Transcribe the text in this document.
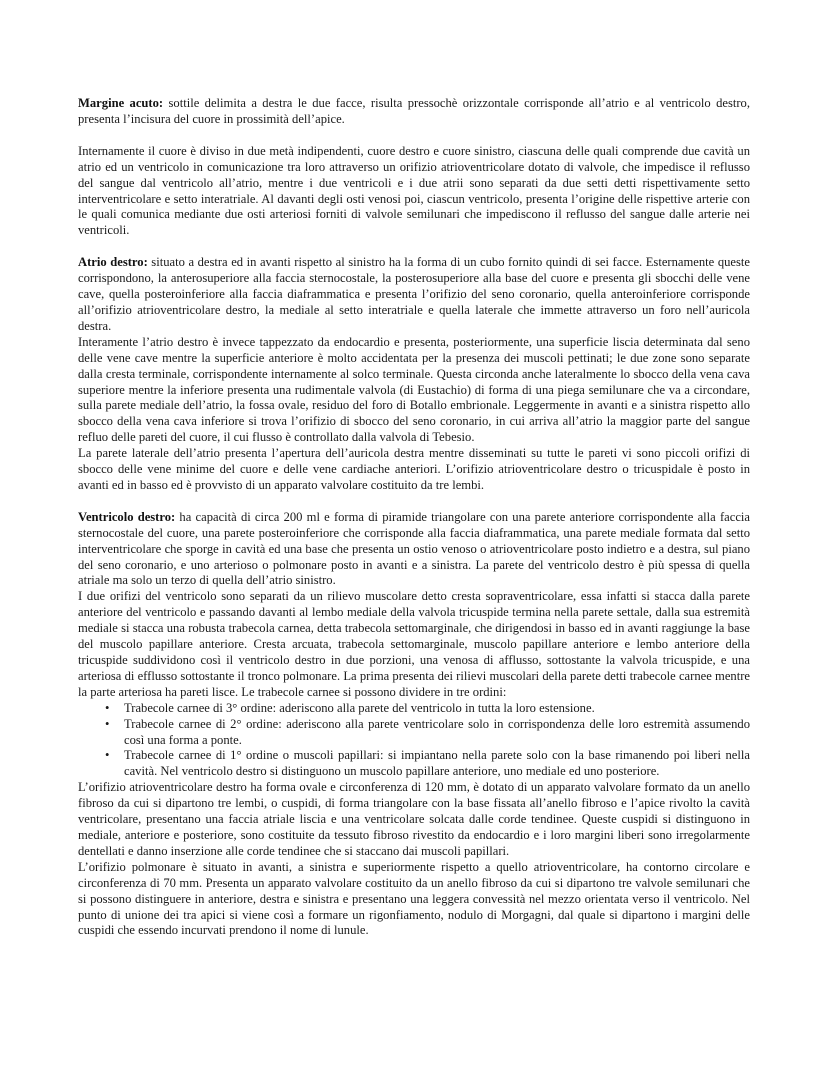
Margine acuto: sottile delimita a destra le due facce, risulta pressochè orizzontale corrisponde all’atrio e al ventricolo destro, presenta l’incisura del cuore in prossimità dell’apice.

Internamente il cuore è diviso in due metà indipendenti, cuore destro e cuore sinistro, ciascuna delle quali comprende due cavità un atrio ed un ventricolo in comunicazione tra loro attraverso un orifizio atrioventricolare dotato di valvole, che impedisce il reflusso del sangue dal ventricolo all’atrio, mentre i due ventricoli e i due atrii sono separati da due setti detti rispettivamente setto interventricolare e setto interatriale. Al davanti degli osti venosi poi, ciascun ventricolo, presenta l’origine delle rispettive arterie con le quali comunica mediante due osti arteriosi forniti di valvole semilunari che impediscono il reflusso del sangue dalle arterie nei ventricoli.

Atrio destro: situato a destra ed in avanti rispetto al sinistro ha la forma di un cubo fornito quindi di sei facce. Esternamente queste corrispondono, la anterosuperiore alla faccia sternocostale, la posterosuperiore alla base del cuore e presenta gli sbocchi delle vene cave, quella posteroinferiore alla faccia diaframmatica e presenta l’orifizio del seno coronario, quella anteroinferiore corrisponde all’orifizio atrioventricolare destro, la mediale al setto interatriale e quella laterale che immette attraverso un foro nell’auricola destra.

Interamente l’atrio destro è invece tappezzato da endocardio e presenta, posteriormente, una superficie liscia determinata dal seno delle vene cave mentre la superficie anteriore è molto accidentata per la presenza dei muscoli pettinati; le due zone sono separate dalla cresta terminale, corrispondente internamente al solco terminale. Questa circonda anche lateralmente lo sbocco della vena cava superiore mentre la inferiore presenta una rudimentale valvola (di Eustachio) di forma di una piega semilunare che va a circondare, sulla parete mediale dell’atrio, la fossa ovale, residuo del foro di Botallo embrionale. Leggermente in avanti e a sinistra rispetto allo sbocco della vena cava inferiore si trova l’orifizio di sbocco del seno coronario, in cui arriva all’atrio la maggior parte del sangue refluo delle pareti del cuore, il cui flusso è controllato dalla valvola di Tebesio.

La parete laterale dell’atrio presenta l’apertura dell’auricola destra mentre disseminati su tutte le pareti vi sono piccoli orifizi di sbocco delle vene minime del cuore e delle vene cardiache anteriori. L’orifizio atrioventricolare destro o tricuspidale è posto in avanti ed in basso ed è provvisto di un apparato valvolare costituito da tre lembi.

Ventricolo destro: ha capacità di circa 200 ml e forma di piramide triangolare con una parete anteriore corrispondente alla faccia sternocostale del cuore, una parete posteroinferiore che corrisponde alla faccia diaframmatica, una parete mediale formata dal setto interventricolare che sporge in cavità ed una base che presenta un ostio venoso o atrioventricolare posto indietro e a destra, sul piano del seno coronario, e uno arterioso o polmonare posto in avanti e a sinistra. La parete del ventricolo destro è più spessa di quella atriale ma solo un terzo di quella dell’atrio sinistro.

I due orifizi del ventricolo sono separati da un rilievo muscolare detto cresta sopraventricolare, essa infatti si stacca dalla parete anteriore del ventricolo e passando davanti al lembo mediale della valvola tricuspide termina nella parete settale, dalla sua estremità mediale si stacca una robusta trabecola carnea, detta trabecola settomarginale, che dirigendosi in basso ed in avanti raggiunge la base del muscolo papillare anteriore. Cresta arcuata, trabecola settomarginale, muscolo papillare anteriore e lembo anteriore della tricuspide suddividono così il ventricolo destro in due porzioni, una venosa di afflusso, sottostante la valvola tricuspide, e una arteriosa di efflusso sottostante il tronco polmonare. La prima presenta dei rilievi muscolari della parete detti trabecole carnee mentre la parte arteriosa ha pareti lisce. Le trabecole carnee si possono dividere in tre ordini:

• Trabecole carnee di 3° ordine: aderiscono alla parete del ventricolo in tutta la loro estensione.
• Trabecole carnee di 2° ordine: aderiscono alla parete ventricolare solo in corrispondenza delle loro estremità assumendo così una forma a ponte.
• Trabecole carnee di 1° ordine o muscoli papillari: si impiantano nella parete solo con la base rimanendo poi liberi nella cavità. Nel ventricolo destro si distinguono un muscolo papillare anteriore, uno mediale ed uno posteriore.

L’orifizio atrioventricolare destro ha forma ovale e circonferenza di 120 mm, è dotato di un apparato valvolare formato da un anello fibroso da cui si dipartono tre lembi, o cuspidi, di forma triangolare con la base fissata all’anello fibroso e l’apice rivolto la cavità ventricolare, presentano una faccia atriale liscia e una ventricolare solcata dalle corde tendinee. Queste cuspidi si distinguono in mediale, anteriore e posteriore, sono costituite da tessuto fibroso rivestito da endocardio e i loro margini liberi sono irregolarmente dentellati e danno inserzione alle corde tendinee che si staccano dai muscoli papillari.

L’orifizio polmonare è situato in avanti, a sinistra e superiormente rispetto a quello atrioventricolare, ha contorno circolare e circonferenza di 70 mm. Presenta un apparato valvolare costituito da un anello fibroso da cui si dipartono tre valvole semilunari che si possono distinguere in anteriore, destra e sinistra e presentano una leggera convessità nel mezzo orientata verso il ventricolo. Nel punto di unione dei tra apici si viene così a formare un rigonfiamento, nodulo di Morgagni, dal quale si dipartono i margini delle cuspidi che essendo incurvati prendono il nome di lunule.
